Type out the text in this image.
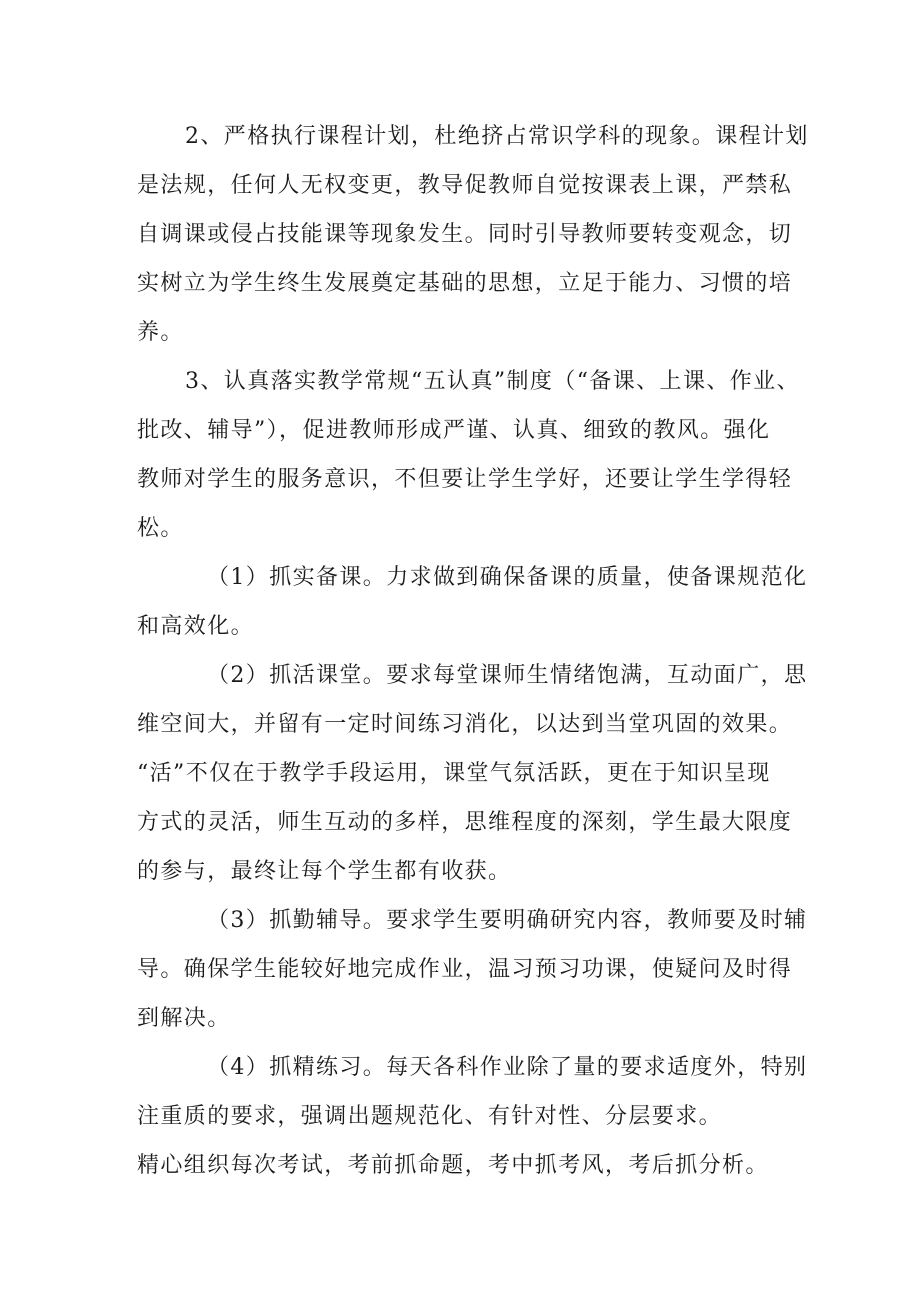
2、严格执行课程计划，杜绝挤占常识学科的现象。课程计划
是法规，任何人无权变更，教导促教师自觉按课表上课，严禁私
自调课或侵占技能课等现象发生。同时引导教师要转变观念，切
实树立为学生终生发展奠定基础的思想，立足于能力、习惯的培
养。
3、认真落实教学常规“五认真”制度（“备课、上课、作业、
批改、辅导”），促进教师形成严谨、认真、细致的教风。强化
教师对学生的服务意识，不但要让学生学好，还要让学生学得轻
松。
（1）抓实备课。力求做到确保备课的质量，使备课规范化
和高效化。
（2）抓活课堂。要求每堂课师生情绪饱满，互动面广，思
维空间大，并留有一定时间练习消化，以达到当堂巩固的效果。
“活”不仅在于教学手段运用，课堂气氛活跃，更在于知识呈现
方式的灵活，师生互动的多样，思维程度的深刻，学生最大限度
的参与，最终让每个学生都有收获。
（3）抓勤辅导。要求学生要明确研究内容，教师要及时辅
导。确保学生能较好地完成作业，温习预习功课，使疑问及时得
到解决。
（4）抓精练习。每天各科作业除了量的要求适度外，特别
注重质的要求，强调出题规范化、有针对性、分层要求。
精心组织每次考试，考前抓命题，考中抓考风，考后抓分析。
